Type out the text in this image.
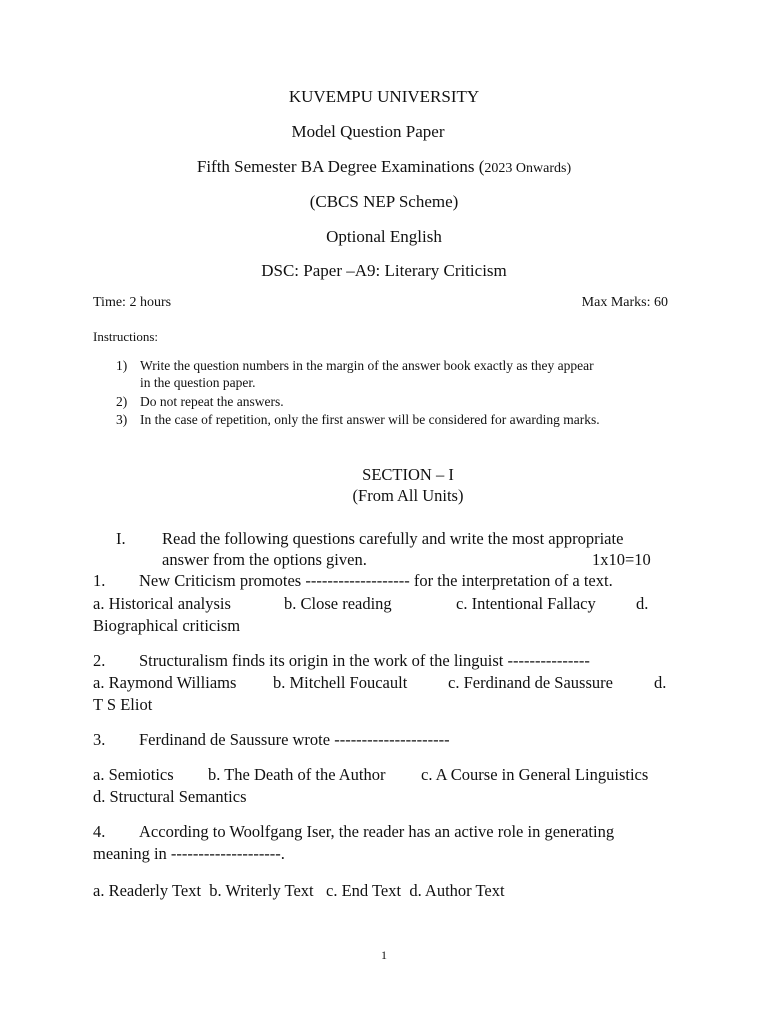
KUVEMPU UNIVERSITY
Model Question Paper
Fifth Semester BA Degree Examinations (2023 Onwards)
(CBCS NEP Scheme)
Optional English
DSC: Paper –A9: Literary Criticism
Time: 2 hours	Max Marks: 60
Instructions:
1) Write the question numbers in the margin of the answer book exactly as they appear
in the question paper.
2) Do not repeat the answers.
3) In the case of repetition, only the first answer will be considered for awarding marks.
SECTION – I
(From All Units)
I. Read the following questions carefully and write the most appropriate
answer from the options given.	1x10=10
1. New Criticism promotes ------------------- for the interpretation of a text.
a. Historical analysis	b. Close reading	c. Intentional Fallacy d.
Biographical criticism
2. Structuralism finds its origin in the work of the linguist ---------------
a. Raymond Williams b. Mitchell Foucault c. Ferdinand de Saussure d.
T S Eliot
3. Ferdinand de Saussure wrote ---------------------
a. Semiotics b. The Death of the Author c. A Course in General Linguistics
d. Structural Semantics
4. According to Woolfgang Iser, the reader has an active role in generating
meaning in --------------------.
a. Readerly Text  b. Writerly Text   c. End Text  d. Author Text
1
